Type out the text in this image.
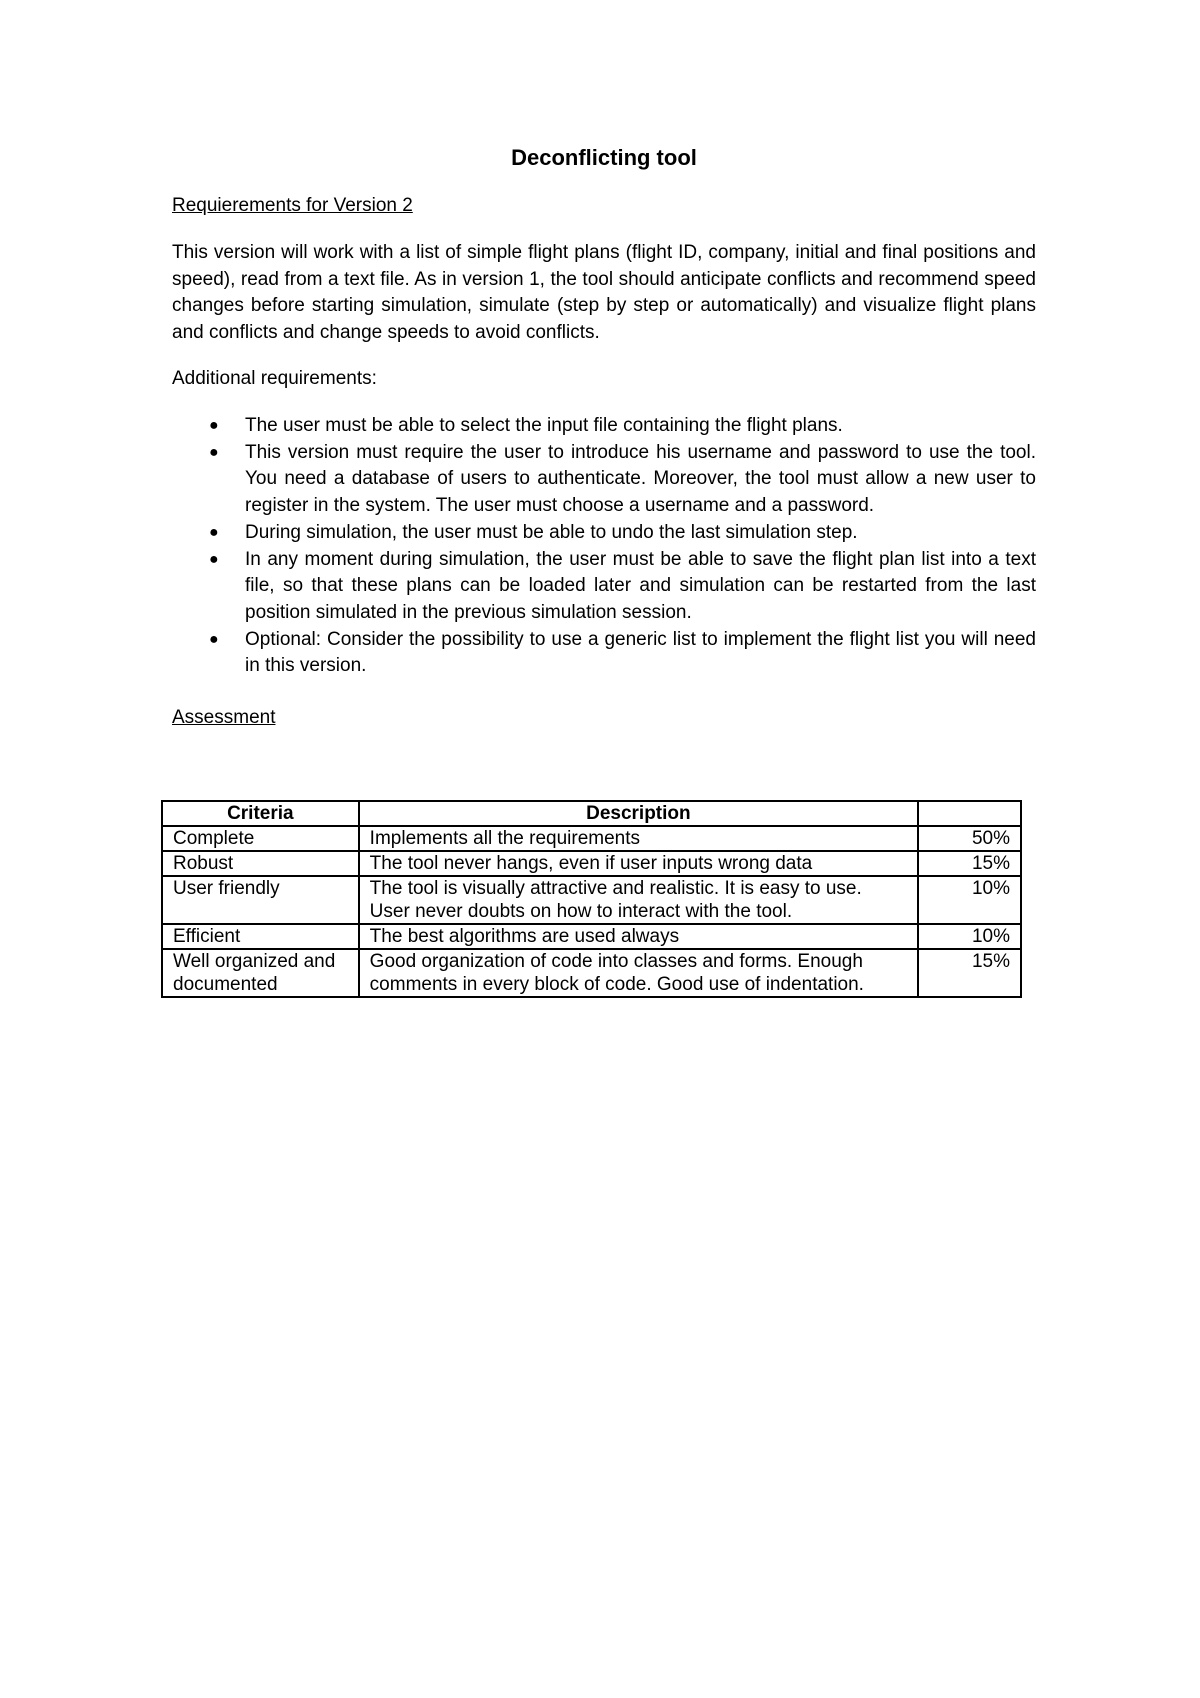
Deconflicting tool

Requierements for Version 2

This version will work with a list of simple flight plans (flight ID, company, initial and final positions and speed), read from a text file. As in version 1, the tool should anticipate conflicts and recommend speed changes before starting simulation, simulate (step by step or automatically) and visualize flight plans and conflicts and change speeds to avoid conflicts.

Additional requirements:

● The user must be able to select the input file containing the flight plans.
● This version must require the user to introduce his username and password to use the tool. You need a database of users to authenticate. Moreover, the tool must allow a new user to register in the system. The user must choose a username and a password.
● During simulation, the user must be able to undo the last simulation step.
● In any moment during simulation, the user must be able to save the flight plan list into a text file, so that these plans can be loaded later and simulation can be restarted from the last position simulated in the previous simulation session.
● Optional: Consider the possibility to use a generic list to implement the flight list you will need in this version.

Assessment

Criteria	Description	
Complete	Implements all the requirements	50%
Robust	The tool never hangs, even if user inputs wrong data	15%
User friendly	The tool is visually attractive and realistic. It is easy to use. User never doubts on how to interact with the tool.	10%
Efficient	The best algorithms are used always	10%
Well organized and documented	Good organization of code into classes and forms. Enough comments in every block of code. Good use of indentation.	15%
